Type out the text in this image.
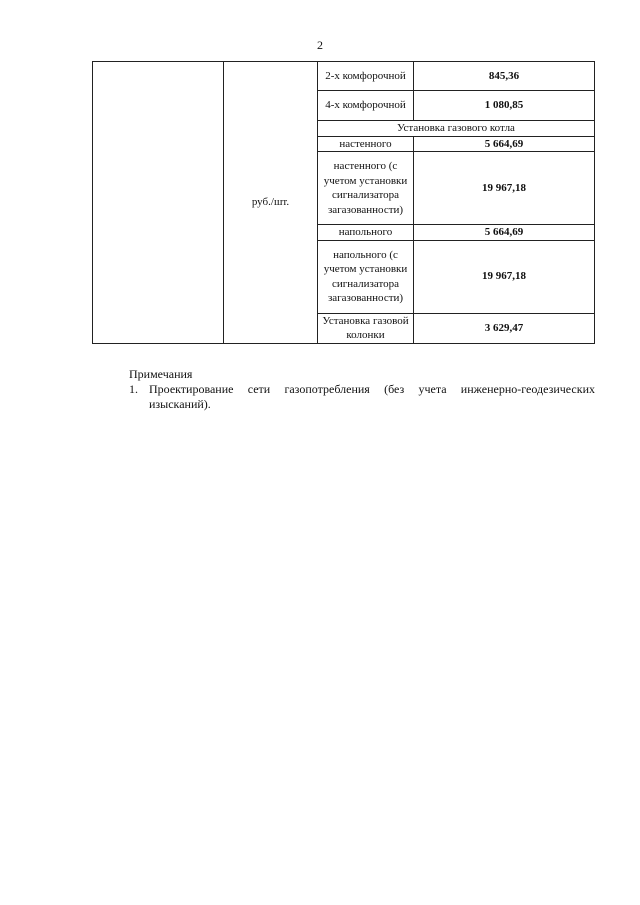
2
	руб./шт.	2-х комфорочной	845,36
		4-х комфорочной	1 080,85
		Установка газового котла	
		настенного	5 664,69
		настенного (с учетом установки сигнализатора загазованности)	19 967,18
		напольного	5 664,69
		напольного (с учетом установки сигнализатора загазованности)	19 967,18
		Установка газовой колонки	3 629,47

Примечания

1. Проектирование сети газопотребления (без учета инженерно-геодезических изысканий).
